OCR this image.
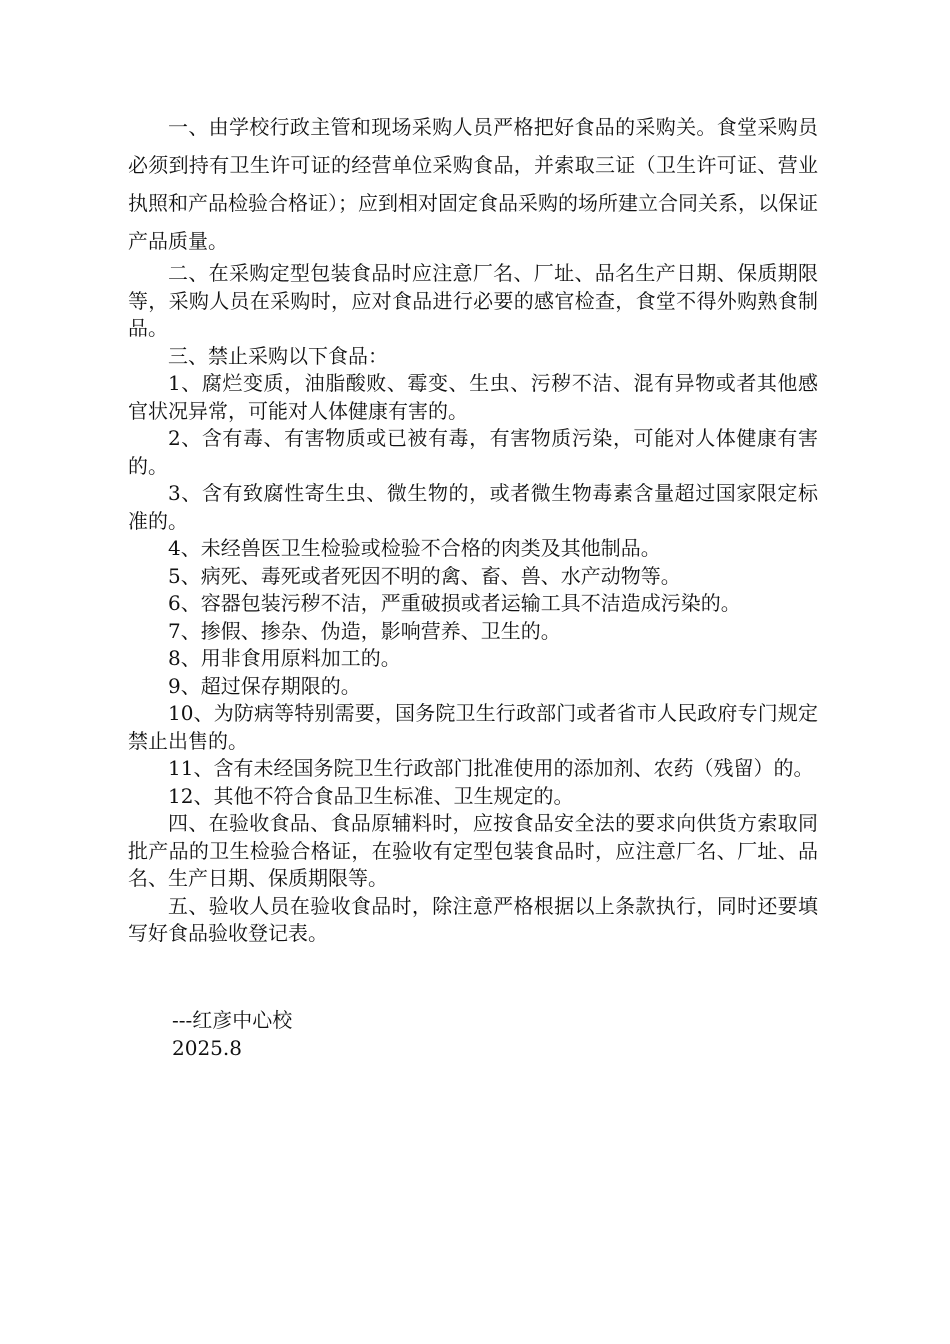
一、由学校行政主管和现场采购人员严格把好食品的采购关。食堂采购员必须到持有卫生许可证的经营单位采购食品，并索取三证（卫生许可证、营业执照和产品检验合格证）；应到相对固定食品采购的场所建立合同关系，以保证产品质量。

二、在采购定型包装食品时应注意厂名、厂址、品名生产日期、保质期限等，采购人员在采购时，应对食品进行必要的感官检查，食堂不得外购熟食制品。

三、禁止采购以下食品：

1、腐烂变质，油脂酸败、霉变、生虫、污秽不洁、混有异物或者其他感官状况异常，可能对人体健康有害的。

2、含有毒、有害物质或已被有毒，有害物质污染，可能对人体健康有害的。

3、含有致腐性寄生虫、微生物的，或者微生物毒素含量超过国家限定标准的。

4、未经兽医卫生检验或检验不合格的肉类及其他制品。

5、病死、毒死或者死因不明的禽、畜、兽、水产动物等。

6、容器包装污秽不洁，严重破损或者运输工具不洁造成污染的。

7、掺假、掺杂、伪造，影响营养、卫生的。

8、用非食用原料加工的。

9、超过保存期限的。

10、为防病等特别需要，国务院卫生行政部门或者省市人民政府专门规定禁止出售的。

11、含有未经国务院卫生行政部门批准使用的添加剂、农药（残留）的。

12、其他不符合食品卫生标准、卫生规定的。

四、在验收食品、食品原辅料时，应按食品安全法的要求向供货方索取同批产品的卫生检验合格证，在验收有定型包装食品时，应注意厂名、厂址、品名、生产日期、保质期限等。

五、验收人员在验收食品时，除注意严格根据以上条款执行，同时还要填写好食品验收登记表。

---红彦中心校
2025.8
